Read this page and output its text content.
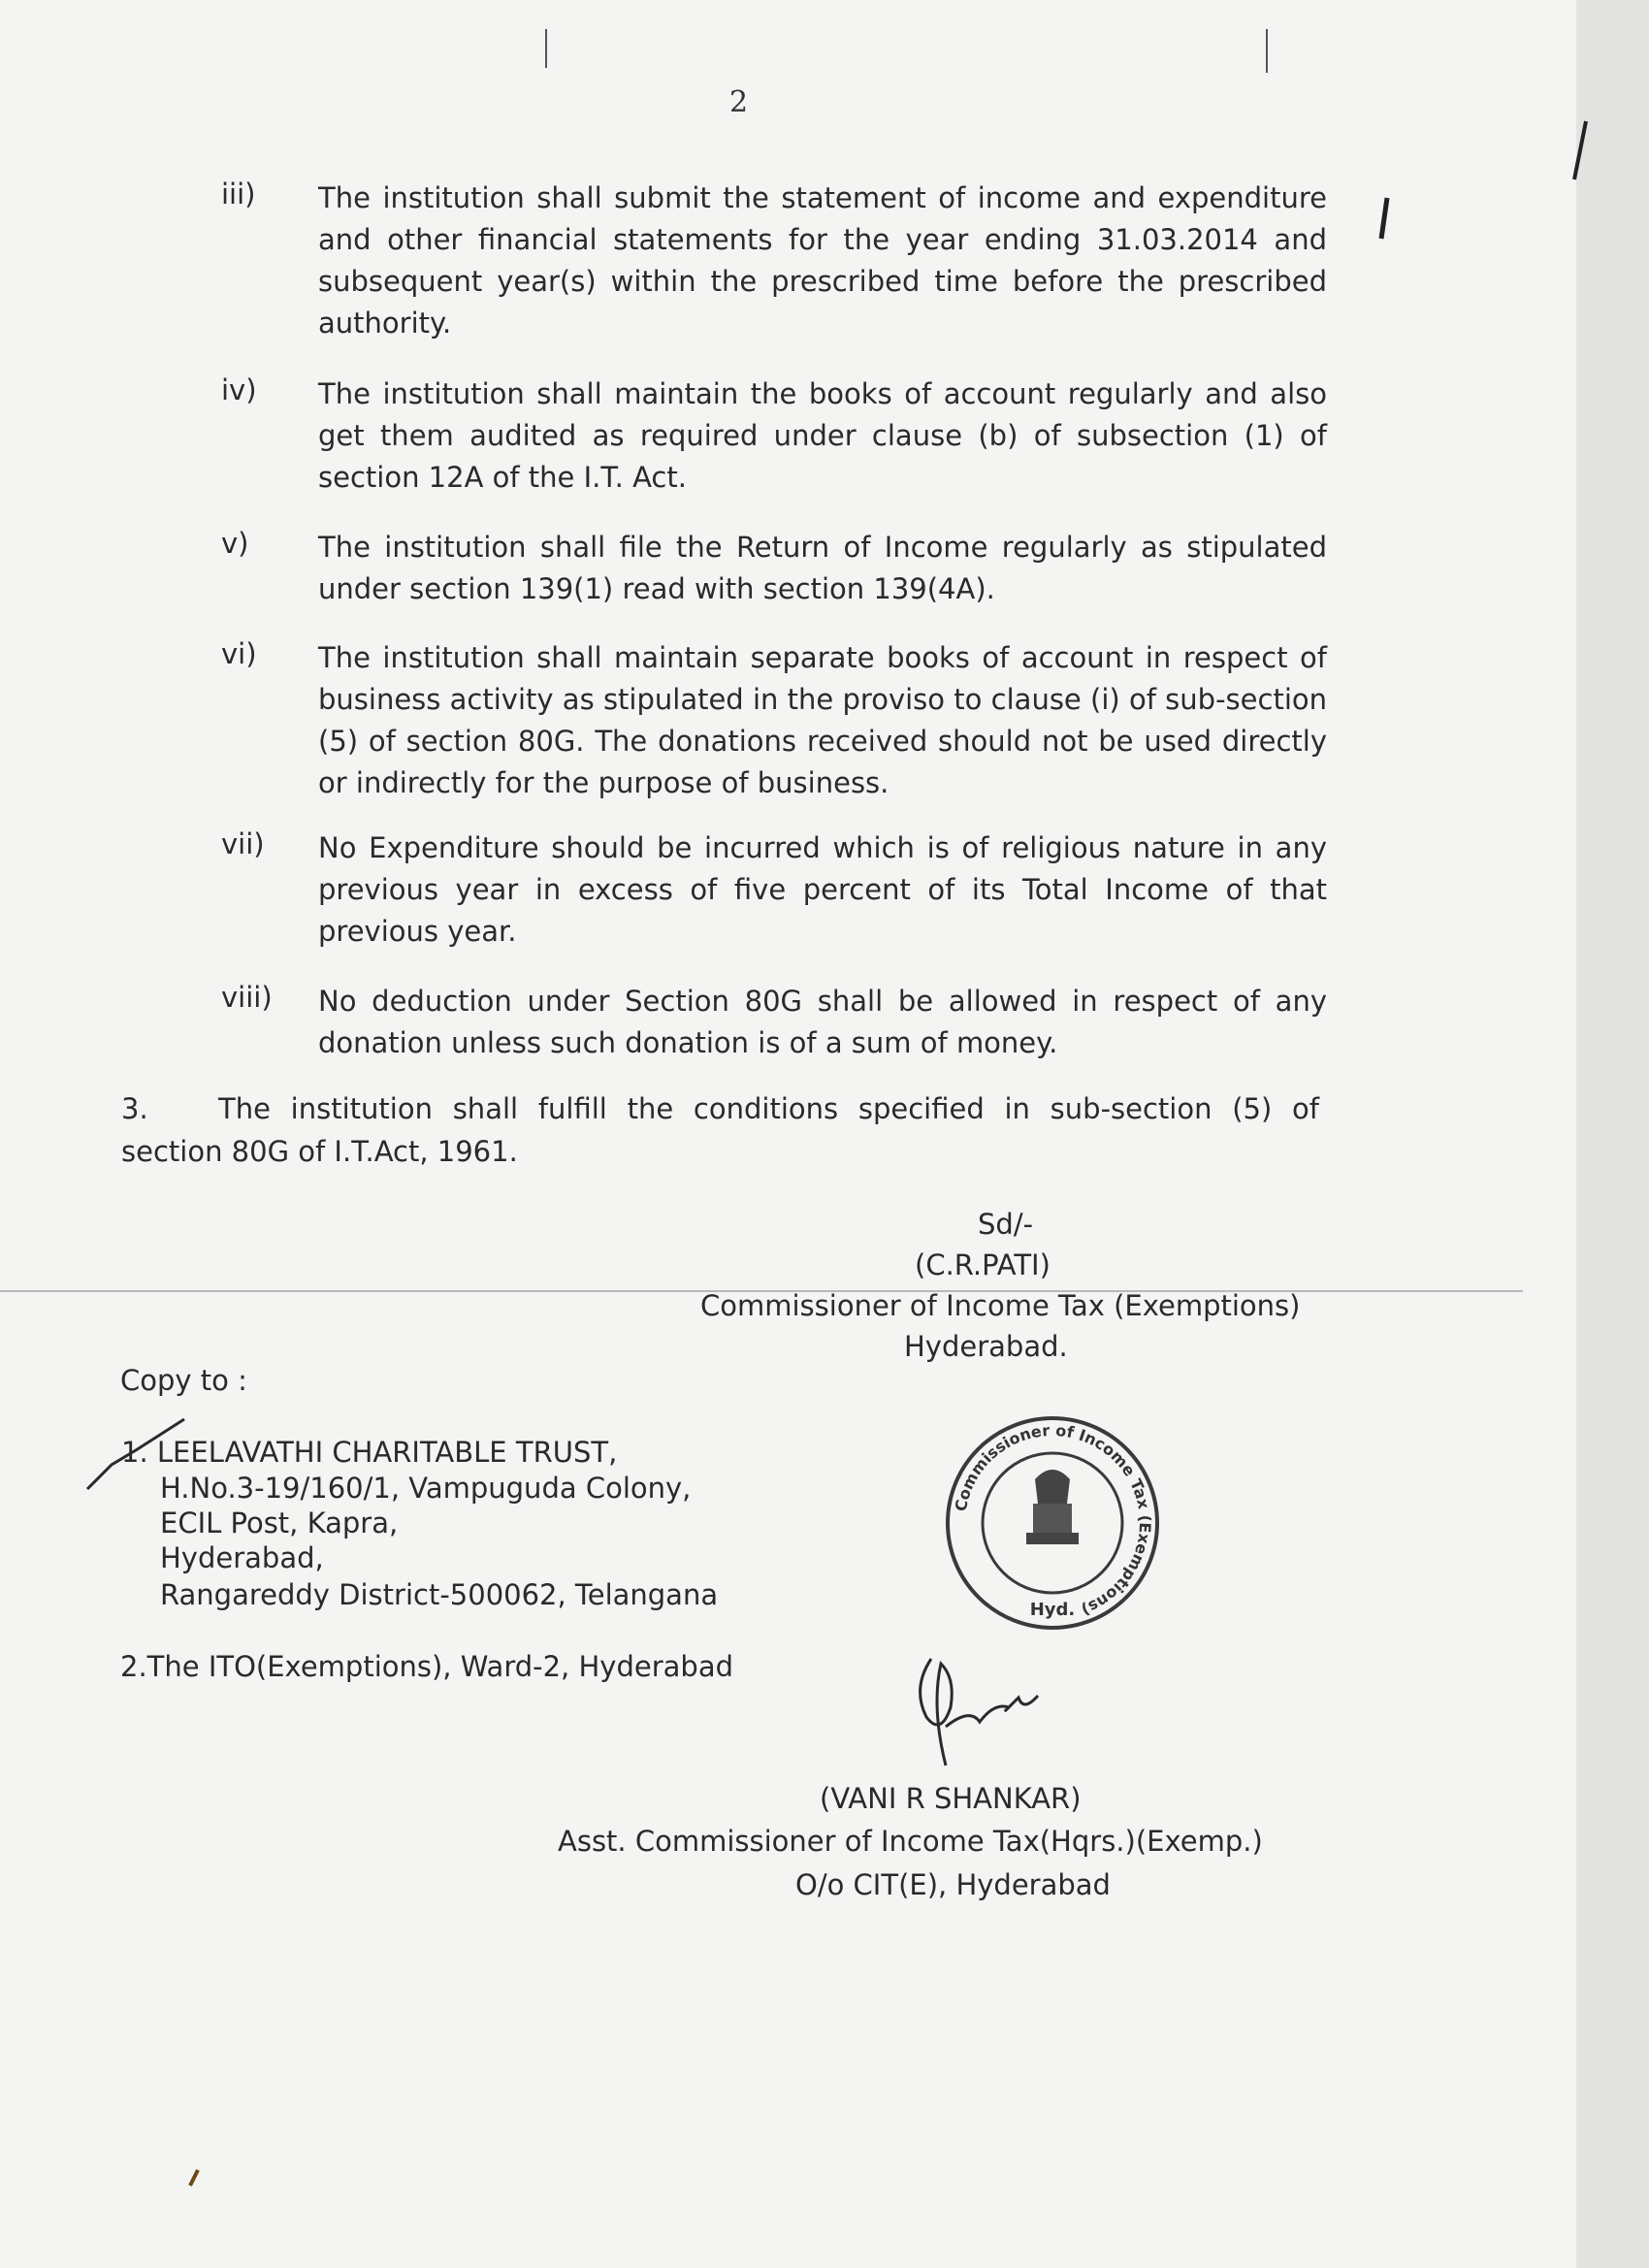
2
iii) The institution shall submit the statement of income and expenditure and other financial statements for the year ending 31.03.2014 and subsequent year(s) within the prescribed time before the prescribed authority.
iv) The institution shall maintain the books of account regularly and also get them audited as required under clause (b) of subsection (1) of section 12A of the I.T. Act.
v) The institution shall file the Return of Income regularly as stipulated under section 139(1) read with section 139(4A).
vi) The institution shall maintain separate books of account in respect of business activity as stipulated in the proviso to clause (i) of sub-section (5) of section 80G. The donations received should not be used directly or indirectly for the purpose of business.
vii) No Expenditure should be incurred which is of religious nature in any previous year in excess of five percent of its Total Income of that previous year.
viii) No deduction under Section 80G shall be allowed in respect of any donation unless such donation is of a sum of money.
3. The institution shall fulfill the conditions specified in sub-section (5) of
section 80G of I.T.Act, 1961.
Sd/-
(C.R.PATI)
Commissioner of Income Tax (Exemptions)
Hyderabad.
Copy to :
1. LEELAVATHI CHARITABLE TRUST,
H.No.3-19/160/1, Vampuguda Colony,
ECIL Post, Kapra,
Hyderabad,
Rangareddy District-500062, Telangana
2.The ITO(Exemptions), Ward-2, Hyderabad
Commissioner of Income Tax (Exemptions)
Hyd.
(VANI R SHANKAR)
Asst. Commissioner of Income Tax(Hqrs.)(Exemp.)
O/o CIT(E), Hyderabad
